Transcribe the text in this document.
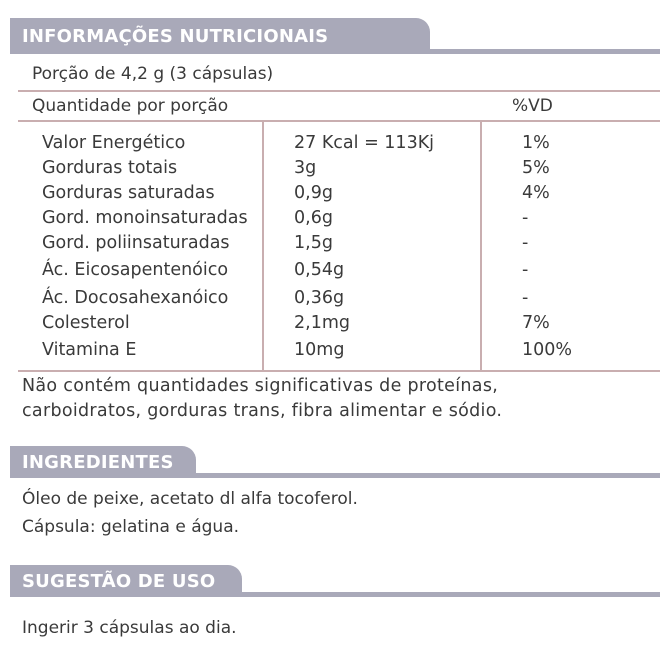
INFORMAÇÕES NUTRICIONAIS
Porção de 4,2 g (3 cápsulas)
Quantidade por porção	%VD
Valor Energético	27 Kcal = 113Kj	1%
Gorduras totais	3g	5%
Gorduras saturadas	0,9g	4%
Gord. monoinsaturadas	0,6g	-
Gord. poliinsaturadas	1,5g	-
Ác. Eicosapentenóico	0,54g	-
Ác. Docosahexanóico	0,36g	-
Colesterol	2,1mg	7%
Vitamina E	10mg	100%
Não contém quantidades significativas de proteínas,
carboidratos, gorduras trans, fibra alimentar e sódio.
INGREDIENTES
Óleo de peixe, acetato dl alfa tocoferol.
Cápsula: gelatina e água.
SUGESTÃO DE USO
Ingerir 3 cápsulas ao dia.
